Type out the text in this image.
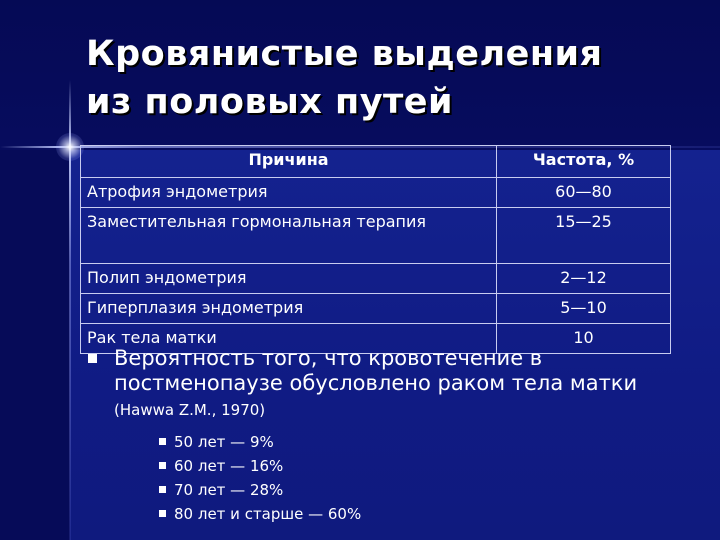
Кровянистые выделения
из половых путей
Причина	Частота, %
Атрофия эндометрия	60—80
Заместительная гормональная терапия	15—25
Полип эндометрия	2—12
Гиперплазия эндометрия	5—10
Рак тела матки	10
Вероятность того, что кровотечение в постменопаузе обусловлено раком тела матки (Hawwa Z.M., 1970)
50 лет — 9%
60 лет — 16%
70 лет — 28%
80 лет и старше — 60%
